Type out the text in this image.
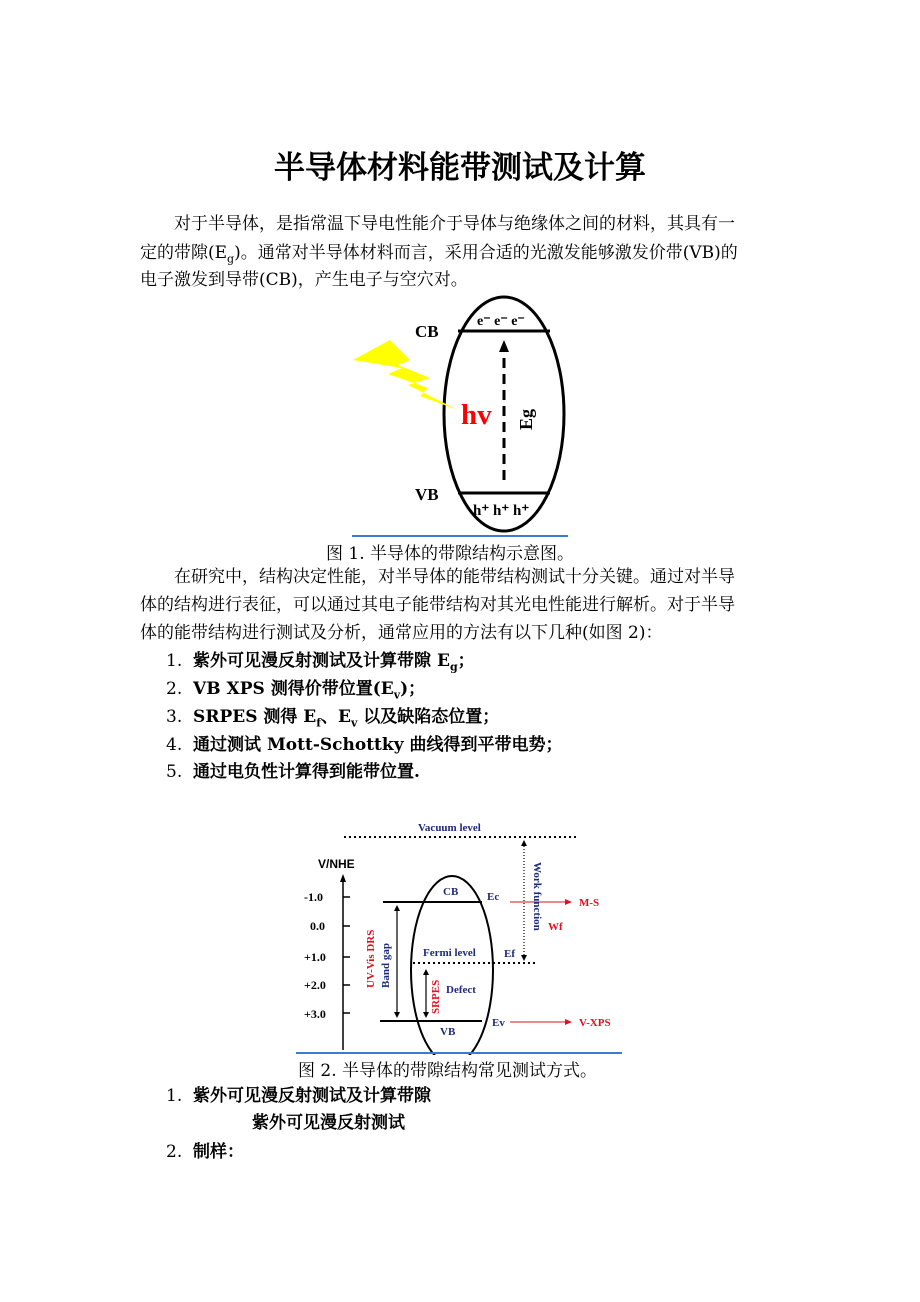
半导体材料能带测试及计算
对于半导体，是指常温下导电性能介于导体与绝缘体之间的材料，其具有一
定的带隙$(E_g)$。通常对半导体材料而言，采用合适的光激发能够激发价带(VB)的
电子激发到导带(CB)，产生电子与空穴对。
CB
VB
e⁻ e⁻ e⁻
h⁺ h⁺ h⁺
hv Eg
图 1. 半导体的带隙结构示意图。
在研究中，结构决定性能，对半导体的能带结构测试十分关键。通过对半导
体的结构进行表征，可以通过其电子能带结构对其光电性能进行解析。对于半导
体的能带结构进行测试及分析，通常应用的方法有以下几种(如图 2)：
1. 紫外可见漫反射测试及计算带隙 $E_g$；
2. VB XPS 测得价带位置$(E_v)$；
3. SRPES 测得 $E_f$、$E_v$ 以及缺陷态位置；
4. 通过测试 Mott-Schottky 曲线得到平带电势；
5. 通过电负性计算得到能带位置.
Vacuum level
V/NHE
-1.0
0.0
+1.0
+2.0
+3.0
CB
VB
Fermi level
Defect
Ec
Ef
Ev
Work function
Band gap
Wf
M-S
V-XPS
UV-Vis DRS
SRPES
图 2. 半导体的带隙结构常见测试方式。
1. 紫外可见漫反射测试及计算带隙
紫外可见漫反射测试
2. 制样：
